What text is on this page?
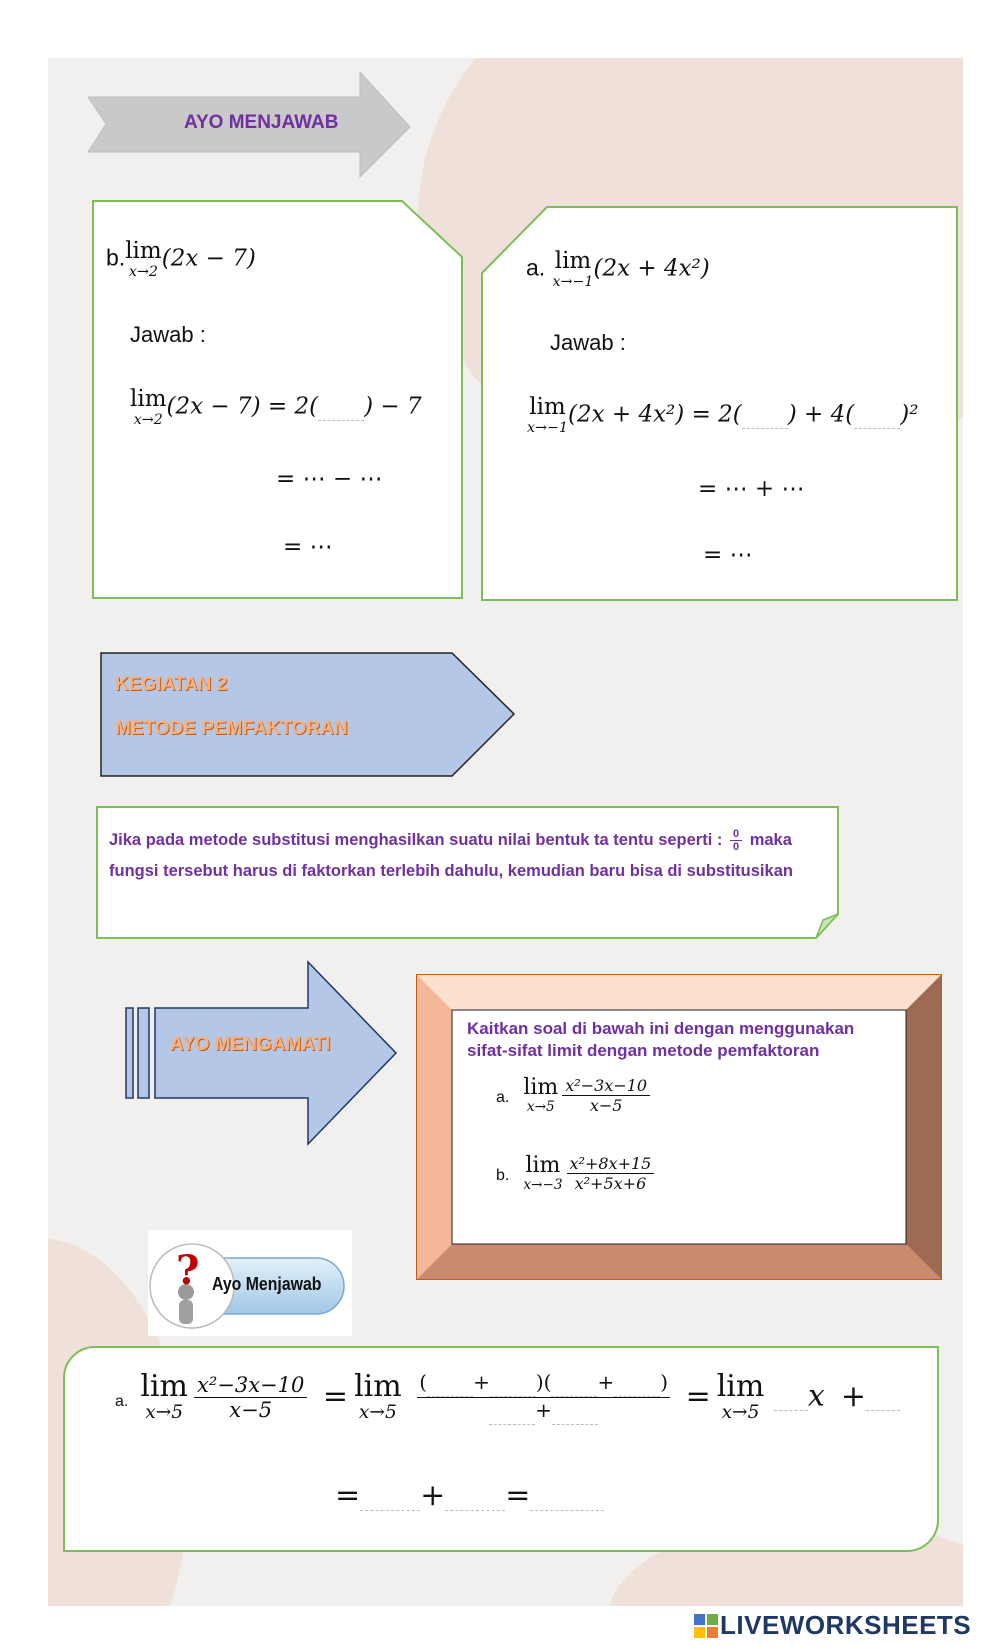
AYO MENJAWAB
b. lim
x→2
(2x − 7)
Jawab :
lim
x→2
(2x − 7) = 2( ) − 7
= ⋯ − ⋯
= ⋯
a. lim
x→−1
(2x + 4x²)
Jawab :
lim
x→−1
(2x + 4x²) = 2( ) + 4( )²
= ⋯ + ⋯
= ⋯
KEGIATAN 2
METODE PEMFAKTORAN
Jika pada metode substitusi menghasilkan suatu nilai bentuk ta tentu seperti : $\frac{0}{0}$ maka
fungsi tersebut harus di faktorkan terlebih dahulu, kemudian baru bisa di substitusikan
AYO MENGAMATI
Kaitkan soal di bawah ini dengan menggunakan sifat-sifat limit dengan metode pemfaktoran
a. lim
$x\to 5 \frac{\text{x²−3x−10}}{x-5}$
b. lim
$x\to-3 \frac{\text{x²+8x+15}}{\text{x²+5x+6}}$
? Ayo Menjawab
a. lim
$x\to 5 \frac{\text{x²−3x−10}}{x-5} = \lim$
x→5
$\frac{( + )( + )}{+} = \lim$
x→5 x +
= + =
LIVEWORKSHEETS
